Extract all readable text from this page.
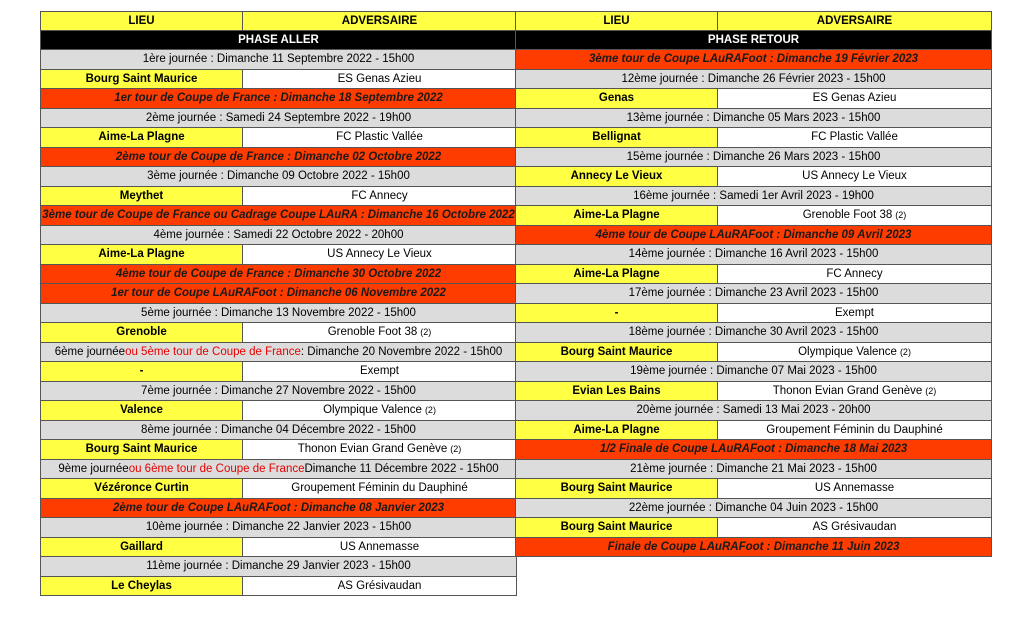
LIEU	ADVERSAIRE
PHASE ALLER
1ère journée : Dimanche 11 Septembre 2022 - 15h00
Bourg Saint Maurice	ES Genas Azieu
1er tour de Coupe de France : Dimanche 18 Septembre 2022
2ème journée : Samedi 24 Septembre 2022 - 19h00
Aime-La Plagne	FC Plastic Vallée
2ème tour de Coupe de France : Dimanche 02 Octobre 2022
3ème journée : Dimanche 09 Octobre 2022 - 15h00
Meythet	FC Annecy
3ème tour de Coupe de France ou Cadrage Coupe LAuRA : Dimanche 16 Octobre 2022
4ème journée : Samedi 22 Octobre 2022 - 20h00
Aime-La Plagne	US Annecy Le Vieux
4ème tour de Coupe de France : Dimanche 30 Octobre 2022
1er tour de Coupe LAuRAFoot : Dimanche 06 Novembre 2022
5ème journée : Dimanche 13 Novembre 2022 - 15h00
Grenoble	Grenoble Foot 38 (2)
6ème journée ou 5ème tour de Coupe de France : Dimanche 20 Novembre 2022 - 15h00
-	Exempt
7ème journée : Dimanche 27 Novembre 2022 - 15h00
Valence	Olympique Valence (2)
8ème journée : Dimanche 04 Décembre 2022 - 15h00
Bourg Saint Maurice	Thonon Evian Grand Genève (2)
9ème journée ou 6ème tour de Coupe de France Dimanche 11 Décembre 2022 - 15h00
Vézéronce Curtin	Groupement Féminin du Dauphiné
2ème tour de Coupe LAuRAFoot : Dimanche 08 Janvier 2023
10ème journée : Dimanche 22 Janvier 2023 - 15h00
Gaillard	US Annemasse
11ème journée : Dimanche 29 Janvier 2023 - 15h00
Le Cheylas	AS Grésivaudan
LIEU	ADVERSAIRE
PHASE RETOUR
3ème tour de Coupe LAuRAFoot : Dimanche 19 Février 2023
12ème journée : Dimanche 26 Février 2023 - 15h00
Genas	ES Genas Azieu
13ème journée : Dimanche 05 Mars 2023 - 15h00
Bellignat	FC Plastic Vallée
15ème journée : Dimanche 26 Mars 2023 - 15h00
Annecy Le Vieux	US Annecy Le Vieux
16ème journée : Samedi 1er Avril 2023 - 19h00
Aime-La Plagne	Grenoble Foot 38 (2)
4ème tour de Coupe LAuRAFoot : Dimanche 09 Avril 2023
14ème journée : Dimanche 16 Avril 2023 - 15h00
Aime-La Plagne	FC Annecy
17ème journée : Dimanche 23 Avril 2023 - 15h00
-	Exempt
18ème journée : Dimanche 30 Avril 2023 - 15h00
Bourg Saint Maurice	Olympique Valence (2)
19ème journée : Dimanche 07 Mai 2023 - 15h00
Evian Les Bains	Thonon Evian Grand Genève (2)
20ème journée : Samedi 13 Mai 2023 - 20h00
Aime-La Plagne	Groupement Féminin du Dauphiné
1/2 Finale de Coupe LAuRAFoot : Dimanche 18 Mai 2023
21ème journée : Dimanche 21 Mai 2023 - 15h00
Bourg Saint Maurice	US Annemasse
22ème journée : Dimanche 04 Juin 2023 - 15h00
Bourg Saint Maurice	AS Grésivaudan
Finale de Coupe LAuRAFoot : Dimanche 11 Juin 2023
